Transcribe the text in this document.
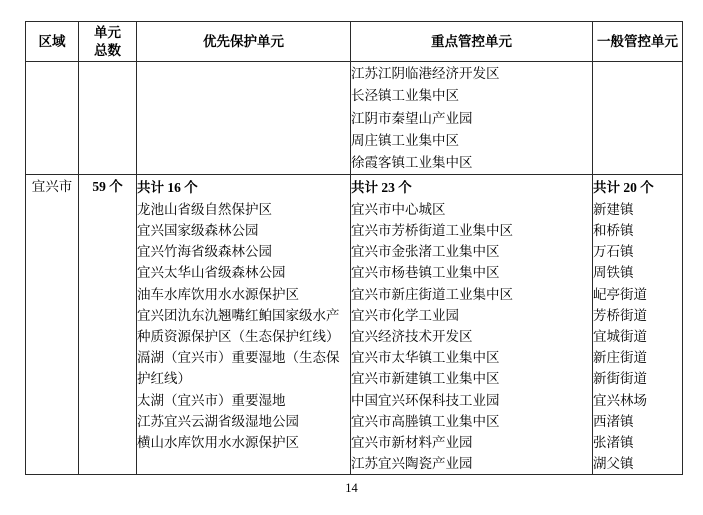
区域	单元总数	优先保护单元	重点管控单元	一般管控单元

			江苏江阴临港经济开发区
长泾镇工业集中区
江阴市秦望山产业园
周庄镇工业集中区
徐霞客镇工业集中区	

宜兴市	59 个	共计 16 个
龙池山省级自然保护区
宜兴国家级森林公园
宜兴竹海省级森林公园
宜兴太华山省级森林公园
油车水库饮用水水源保护区
宜兴团氿东氿翘嘴红鲌国家级水产种质资源保护区（生态保护红线）
滆湖（宜兴市）重要湿地（生态保护红线）
太湖（宜兴市）重要湿地
江苏宜兴云湖省级湿地公园
横山水库饮用水水源保护区

共计 23 个
宜兴市中心城区
宜兴市芳桥街道工业集中区
宜兴市金张渚工业集中区
宜兴市杨巷镇工业集中区
宜兴市新庄街道工业集中区
宜兴市化学工业园
宜兴经济技术开发区
宜兴市太华镇工业集中区
宜兴市新建镇工业集中区
中国宜兴环保科技工业园
宜兴市高塍镇工业集中区
宜兴市新材料产业园
江苏宜兴陶瓷产业园

共计 20 个
新建镇
和桥镇
万石镇
周铁镇
屺亭街道
芳桥街道
宜城街道
新庄街道
新街街道
宜兴林场
西渚镇
张渚镇
湖父镇
14
